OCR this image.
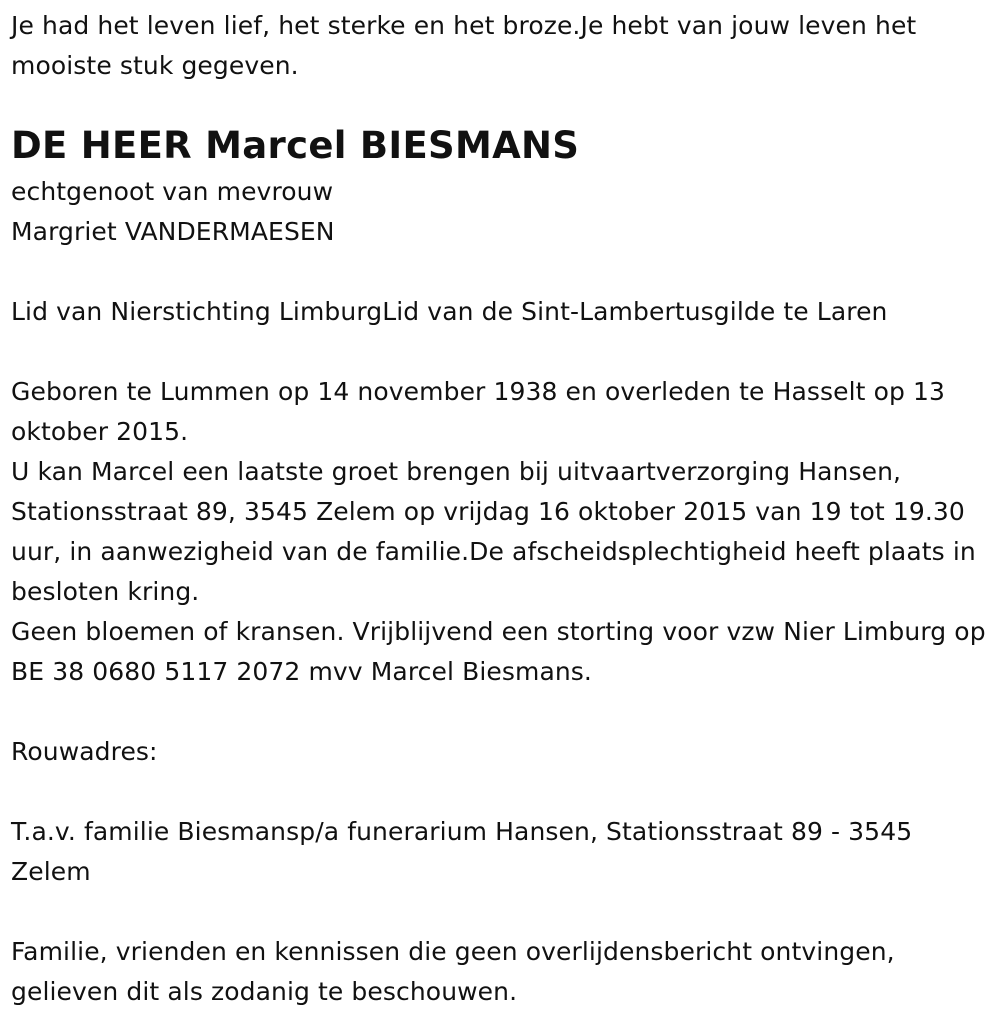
Je had het leven lief, het sterke en het broze.Je hebt van jouw leven het mooiste stuk gegeven.

DE HEER Marcel BIESMANS

echtgenoot van mevrouw
Margriet VANDERMAESEN

Lid van Nierstichting LimburgLid van de Sint-Lambertusgilde te Laren

Geboren te Lummen op 14 november 1938 en overleden te Hasselt op 13 oktober 2015.

U kan Marcel een laatste groet brengen bij uitvaartverzorging Hansen, Stationsstraat 89, 3545 Zelem op vrijdag 16 oktober 2015 van 19 tot 19.30 uur, in aanwezigheid van de familie.De afscheidsplechtigheid heeft plaats in besloten kring.

Geen bloemen of kransen. Vrijblijvend een storting voor vzw Nier Limburg op BE 38 0680 5117 2072 mvv Marcel Biesmans.

Rouwadres:

T.a.v. familie Biesmansp/a funerarium Hansen, Stationsstraat 89 - 3545 Zelem

Familie, vrienden en kennissen die geen overlijdensbericht ontvingen, gelieven dit als zodanig te beschouwen.
